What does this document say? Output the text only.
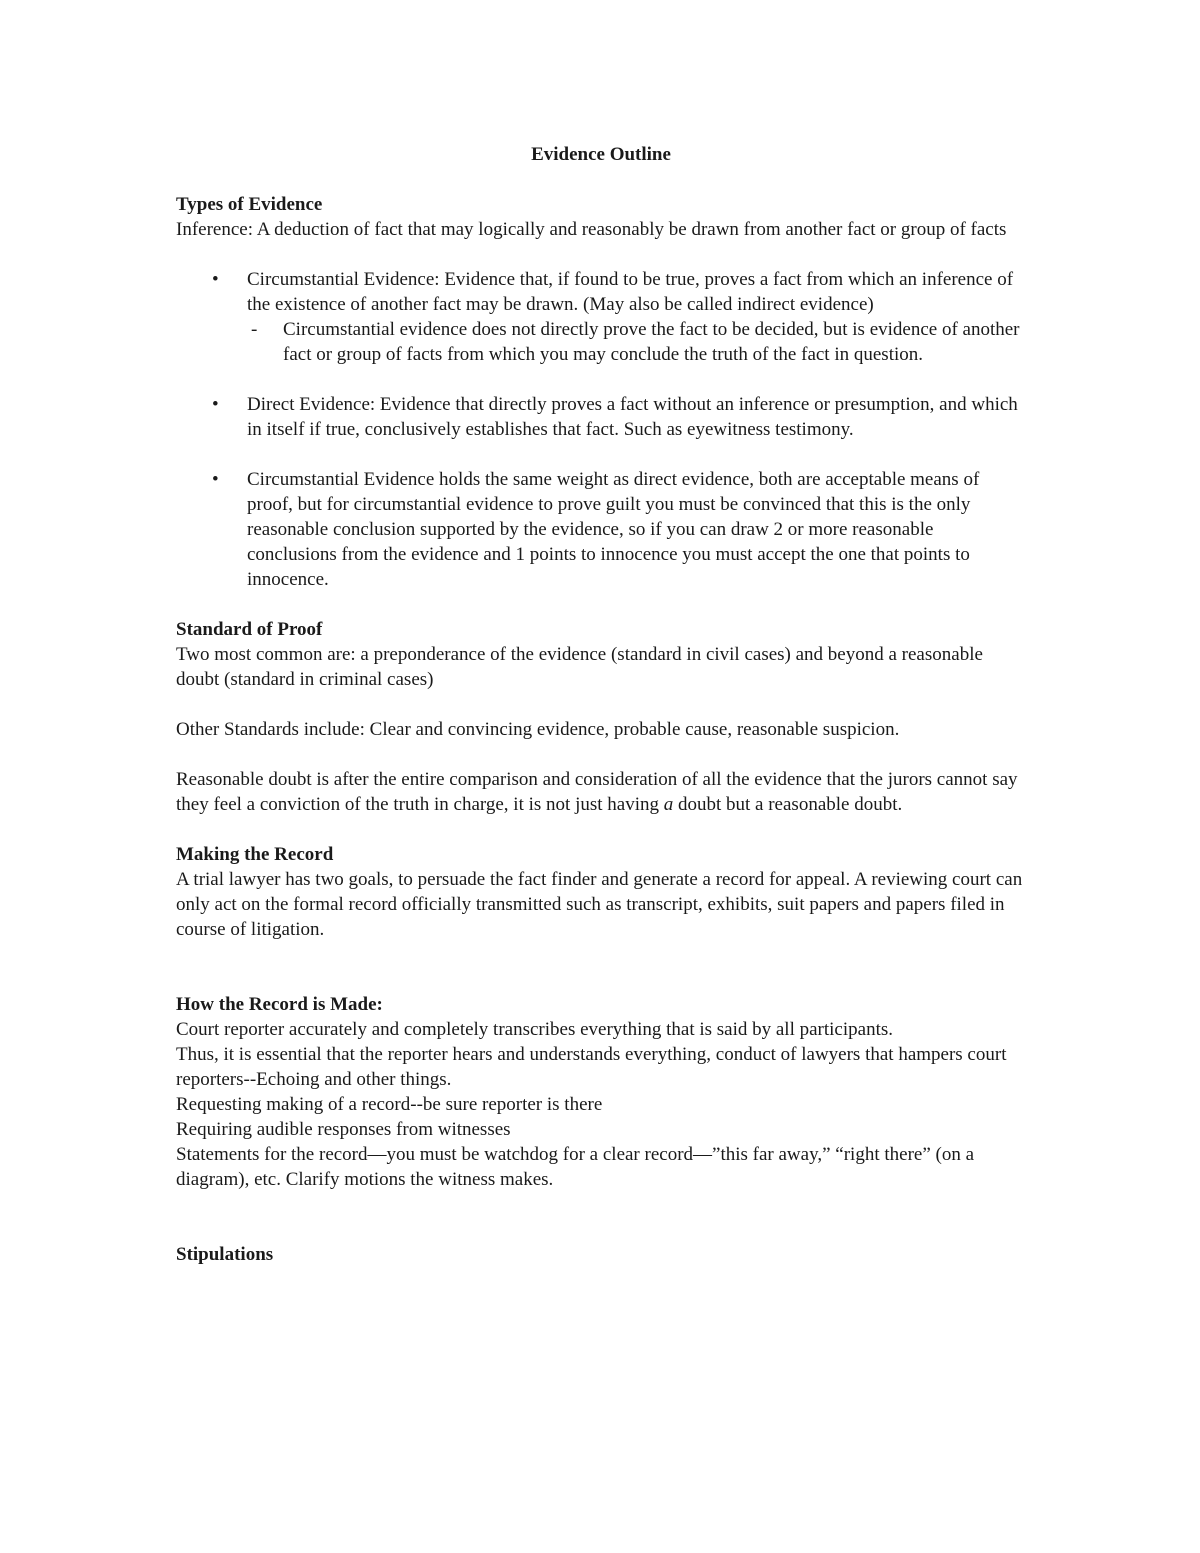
Evidence Outline

Types of Evidence

Inference: A deduction of fact that may logically and reasonably be drawn from another fact or group of facts

• Circumstantial Evidence: Evidence that, if found to be true, proves a fact from which an inference of the existence of another fact may be drawn. (May also be called indirect evidence)
- Circumstantial evidence does not directly prove the fact to be decided, but is evidence of another fact or group of facts from which you may conclude the truth of the fact in question.
• Direct Evidence: Evidence that directly proves a fact without an inference or presumption, and which in itself if true, conclusively establishes that fact. Such as eyewitness testimony.
• Circumstantial Evidence holds the same weight as direct evidence, both are acceptable means of proof, but for circumstantial evidence to prove guilt you must be convinced that this is the only reasonable conclusion supported by the evidence, so if you can draw 2 or more reasonable conclusions from the evidence and 1 points to innocence you must accept the one that points to innocence.

Standard of Proof

Two most common are: a preponderance of the evidence (standard in civil cases) and beyond a reasonable doubt (standard in criminal cases)

Other Standards include: Clear and convincing evidence, probable cause, reasonable suspicion.

Reasonable doubt is after the entire comparison and consideration of all the evidence that the jurors cannot say they feel a conviction of the truth in charge, it is not just having a doubt but a reasonable doubt.

Making the Record

A trial lawyer has two goals, to persuade the fact finder and generate a record for appeal. A reviewing court can only act on the formal record officially transmitted such as transcript, exhibits, suit papers and papers filed in course of litigation.

How the Record is Made:

Court reporter accurately and completely transcribes everything that is said by all participants.

Thus, it is essential that the reporter hears and understands everything, conduct of lawyers that hampers court reporters--Echoing and other things.

Requesting making of a record--be sure reporter is there

Requiring audible responses from witnesses

Statements for the record—you must be watchdog for a clear record—”this far away,” “right there” (on a diagram), etc. Clarify motions the witness makes.

Stipulations
